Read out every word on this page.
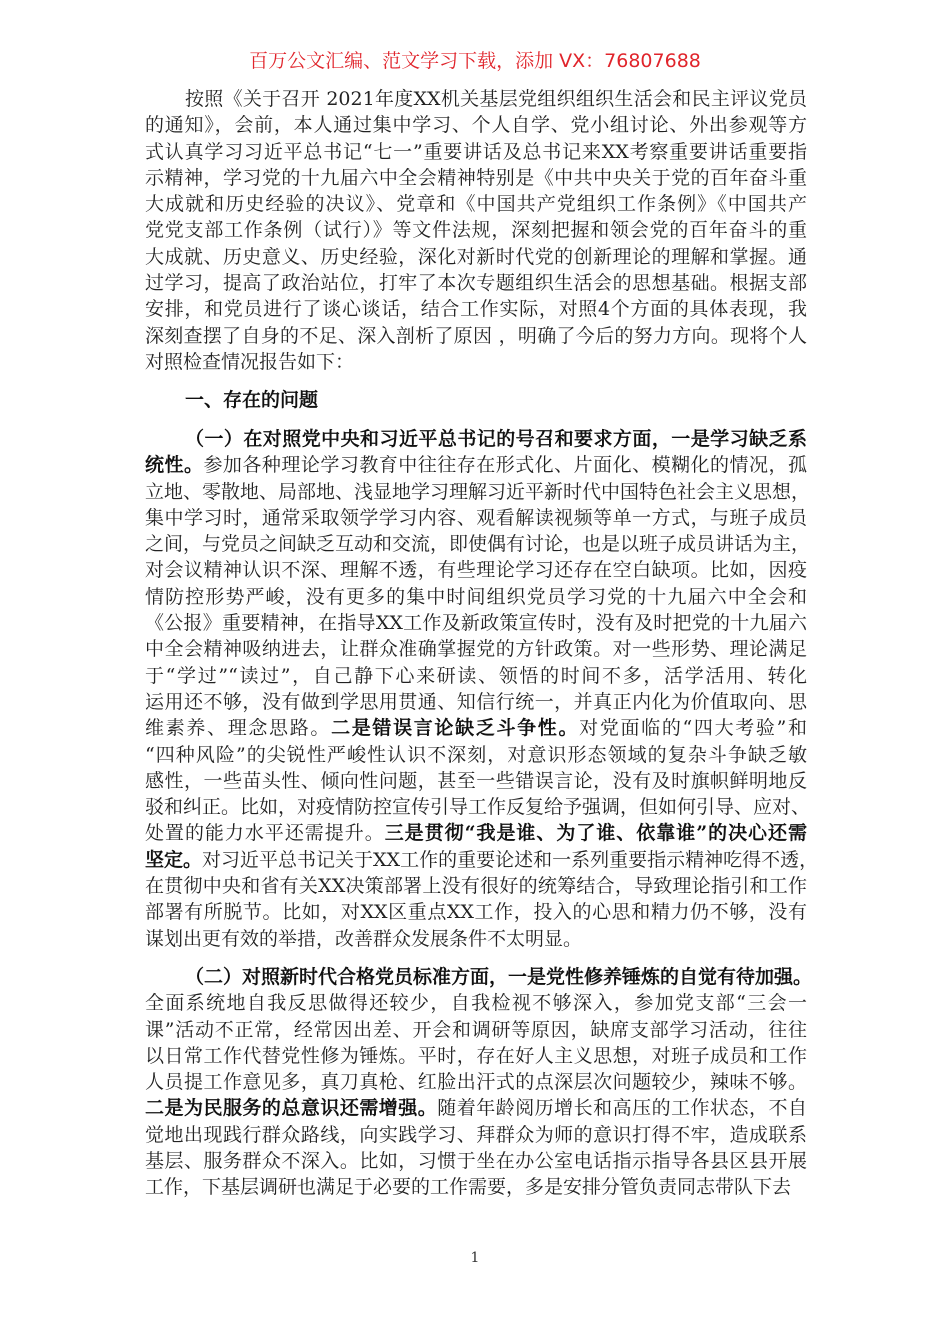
百万公文汇编、范文学习下载，添加 VX：76807688
按照《关于召开 2021年度XX机关基层党组织组织生活会和民主评议党员
的通知》，会前，本人通过集中学习、个人自学、党小组讨论、外出参观等方
式认真学习习近平总书记“七一”重要讲话及总书记来XX考察重要讲话重要指
示精神，学习党的十九届六中全会精神特别是《中共中央关于党的百年奋斗重
大成就和历史经验的决议》、党章和《中国共产党组织工作条例》《中国共产
党党支部工作条例（试行）》等文件法规，深刻把握和领会党的百年奋斗的重
大成就、历史意义、历史经验，深化对新时代党的创新理论的理解和掌握。通
过学习，提高了政治站位，打牢了本次专题组织生活会的思想基础。根据支部
安排，和党员进行了谈心谈话，结合工作实际，对照4个方面的具体表现，我
深刻查摆了自身的不足、深入剖析了原因 ，明确了今后的努力方向。现将个人
对照检查情况报告如下：
一、存在的问题
（一）在对照党中央和习近平总书记的号召和要求方面，一是学习缺乏系
统性。参加各种理论学习教育中往往存在形式化、片面化、模糊化的情况，孤
立地、零散地、局部地、浅显地学习理解习近平新时代中国特色社会主义思想，
集中学习时，通常采取领学学习内容、观看解读视频等单一方式，与班子成员
之间，与党员之间缺乏互动和交流，即使偶有讨论，也是以班子成员讲话为主，
对会议精神认识不深、理解不透，有些理论学习还存在空白缺项。比如，因疫
情防控形势严峻，没有更多的集中时间组织党员学习党的十九届六中全会和
《公报》重要精神，在指导XX工作及新政策宣传时，没有及时把党的十九届六
中全会精神吸纳进去，让群众准确掌握党的方针政策。对一些形势、理论满足
于“学过”“读过”，自己静下心来研读、领悟的时间不多，活学活用、转化
运用还不够，没有做到学思用贯通、知信行统一，并真正内化为价值取向、思
维素养、理念思路。二是错误言论缺乏斗争性。对党面临的“四大考验”和
“四种风险”的尖锐性严峻性认识不深刻，对意识形态领域的复杂斗争缺乏敏
感性，一些苗头性、倾向性问题，甚至一些错误言论，没有及时旗帜鲜明地反
驳和纠正。比如，对疫情防控宣传引导工作反复给予强调，但如何引导、应对、
处置的能力水平还需提升。三是贯彻“我是谁、为了谁、依靠谁”的决心还需
坚定。对习近平总书记关于XX工作的重要论述和一系列重要指示精神吃得不透，
在贯彻中央和省有关XX决策部署上没有很好的统筹结合，导致理论指引和工作
部署有所脱节。比如，对XX区重点XX工作，投入的心思和精力仍不够，没有
谋划出更有效的举措，改善群众发展条件不太明显。
（二）对照新时代合格党员标准方面，一是党性修养锤炼的自觉有待加强。
全面系统地自我反思做得还较少，自我检视不够深入，参加党支部“三会一
课”活动不正常，经常因出差、开会和调研等原因，缺席支部学习活动，往往
以日常工作代替党性修为锤炼。平时，存在好人主义思想，对班子成员和工作
人员提工作意见多，真刀真枪、红脸出汗式的点深层次问题较少，辣味不够。
二是为民服务的总意识还需增强。随着年龄阅历增长和高压的工作状态，不自
觉地出现践行群众路线，向实践学习、拜群众为师的意识打得不牢，造成联系
基层、服务群众不深入。比如，习惯于坐在办公室电话指示指导各县区县开展
工作，下基层调研也满足于必要的工作需要，多是安排分管负责同志带队下去
1
